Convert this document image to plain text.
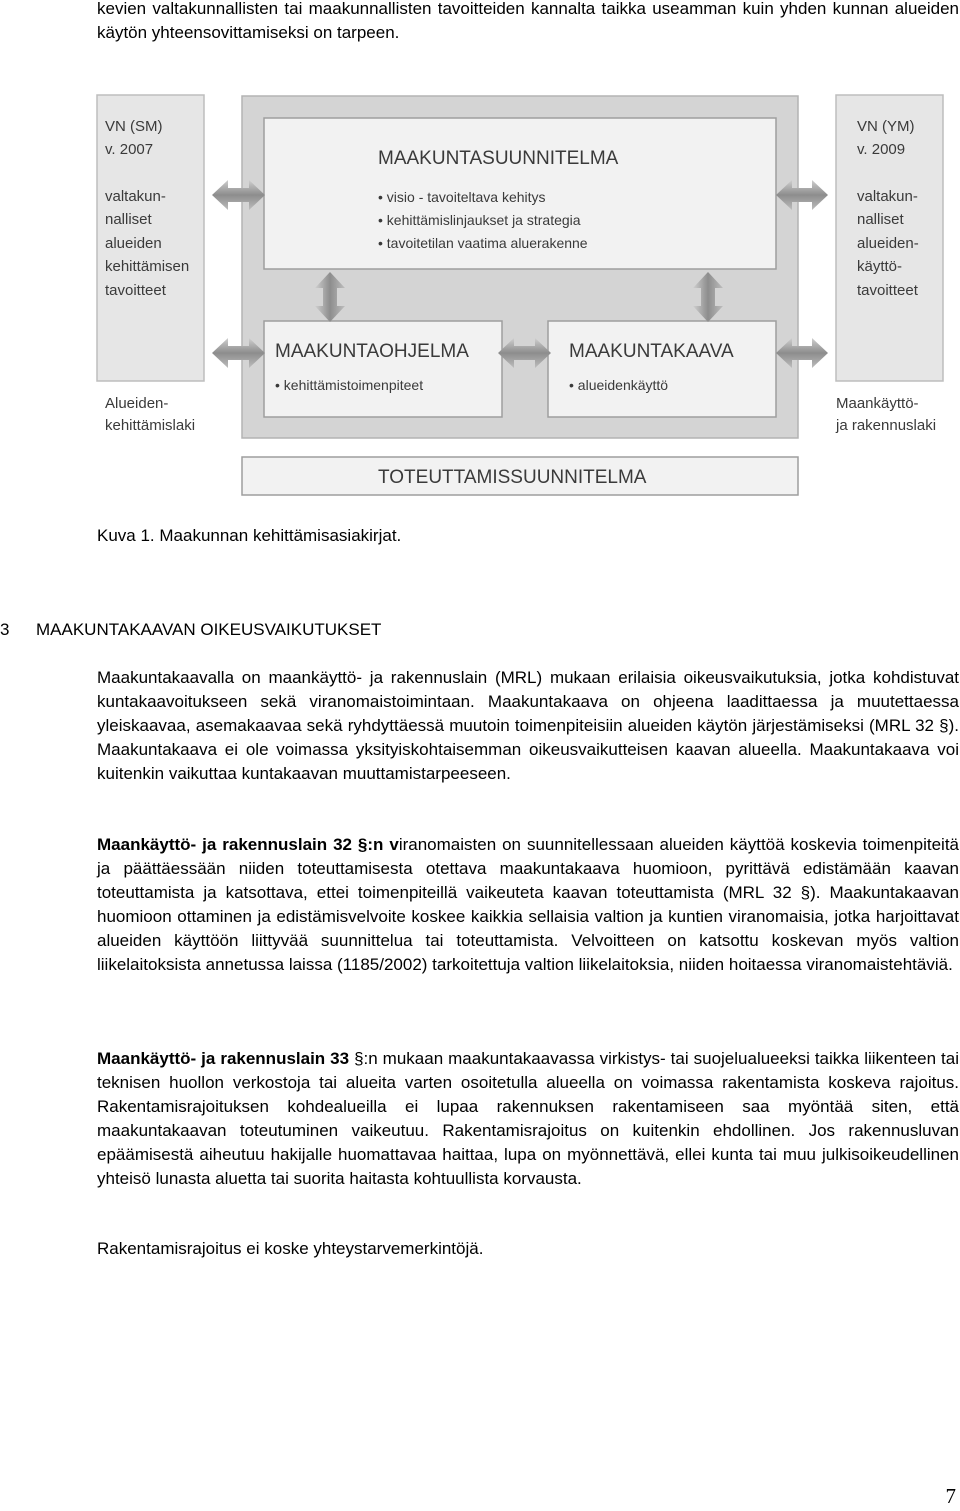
kevien valtakunnallisten tai maakunnallisten tavoitteiden kannalta taikka useamman kuin yhden kunnan alueiden käytön yhteensovittamiseksi on tarpeen.

VN (SM)
v. 2007
valtakun-
nalliset
alueiden
kehittämisen
tavoitteet
Alueiden-
kehittämislaki
VN (YM)
v. 2009
valtakun-
nalliset
alueiden-
käyttö-
tavoitteet
Maankäyttö-
ja rakennuslaki
MAAKUNTASUUNNITELMA
• visio - tavoiteltava kehitys
• kehittämislinjaukset ja strategia
• tavoitetilan vaatima aluerakenne
MAAKUNTAOHJELMA
• kehittämistoimenpiteet
MAAKUNTAKAAVA
• alueidenkäyttö
TOTEUTTAMISSUUNNITELMA

Kuva 1. Maakunnan kehittämisasiakirjat.

3 MAAKUNTAKAAVAN OIKEUSVAIKUTUKSET

Maakuntakaavalla on maankäyttö- ja rakennuslain (MRL) mukaan erilaisia oikeusvaikutuksia, jotka kohdistuvat kuntakaavoitukseen sekä viranomaistoimintaan. Maakuntakaava on ohjeena laadittaessa ja muutettaessa yleiskaavaa, asemakaavaa sekä ryhdyttäessä muutoin toimenpiteisiin alueiden käytön järjestämiseksi (MRL 32 §). Maakuntakaava ei ole voimassa yksityiskohtaisemman oikeusvaikutteisen kaavan alueella. Maakuntakaava voi kuitenkin vaikuttaa kuntakaavan muuttamistarpeeseen.

Maankäyttö- ja rakennuslain 32 §:n viranomaisten on suunnitellessaan alueiden käyttöä koskevia toimenpiteitä ja päättäessään niiden toteuttamisesta otettava maakuntakaava huomioon, pyrittävä edistämään kaavan toteuttamista ja katsottava, ettei toimenpiteillä vaikeuteta kaavan toteuttamista (MRL 32 §). Maakuntakaavan huomioon ottaminen ja edistämisvelvoite koskee kaikkia sellaisia valtion ja kuntien viranomaisia, jotka harjoittavat alueiden käyttöön liittyvää suunnittelua tai toteuttamista. Velvoitteen on katsottu koskevan myös valtion liikelaitoksista annetussa laissa (1185/2002) tarkoitettuja valtion liikelaitoksia, niiden hoitaessa viranomaistehtäviä.

Maankäyttö- ja rakennuslain 33 §:n mukaan maakuntakaavassa virkistys- tai suojelualueeksi taikka liikenteen tai teknisen huollon verkostoja tai alueita varten osoitetulla alueella on voimassa rakentamista koskeva rajoitus. Rakentamisrajoituksen kohdealueilla ei lupaa rakennuksen rakentamiseen saa myöntää siten, että maakuntakaavan toteutuminen vaikeutuu. Rakentamisrajoitus on kuitenkin ehdollinen. Jos rakennusluvan epäämisestä aiheutuu hakijalle huomattavaa haittaa, lupa on myönnettävä, ellei kunta tai muu julkisoikeudellinen yhteisö lunasta aluetta tai suorita haitasta kohtuullista korvausta.

Rakentamisrajoitus ei koske yhteystarvemerkintöjä.

7
